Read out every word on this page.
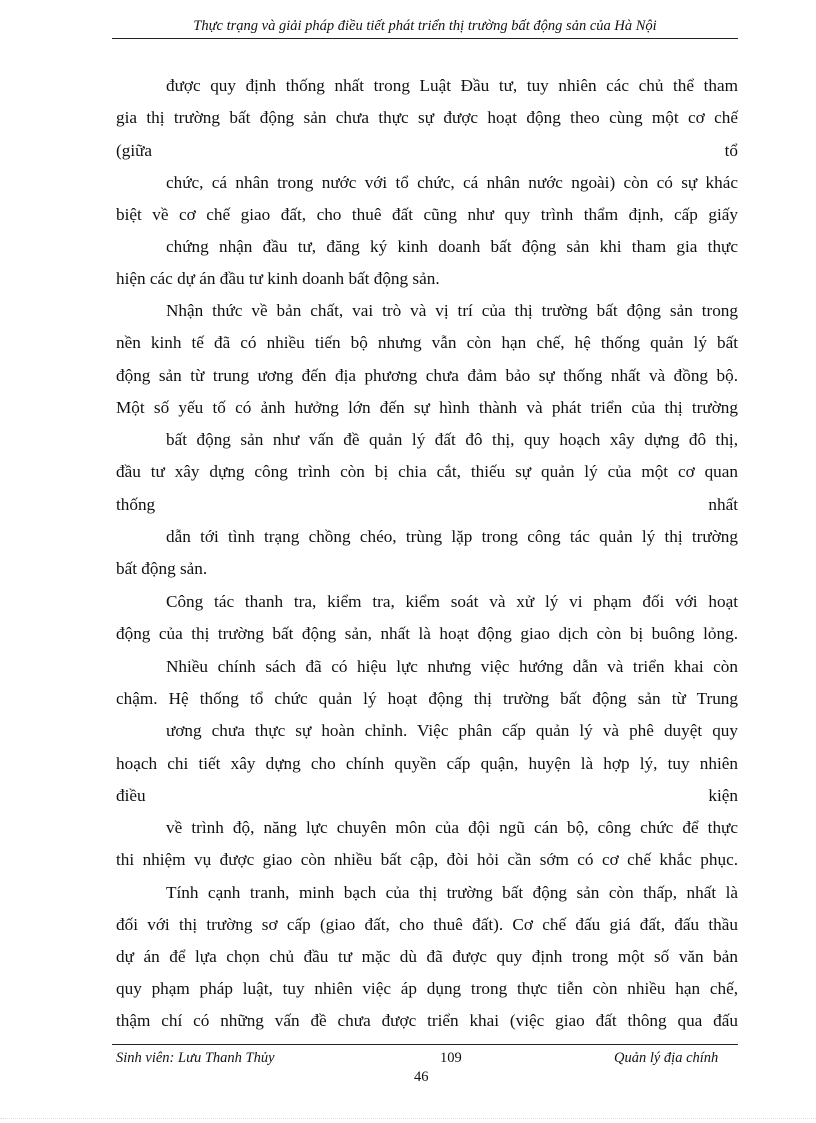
Thực trạng và giải pháp điều tiết phát triển thị trường bất động sản của Hà Nội
được quy định thống nhất trong Luật Đầu tư, tuy nhiên các chủ thể tham
gia thị trường bất động sản chưa thực sự được hoạt động theo cùng một cơ chế
(giữa	tổ
chức, cá nhân trong nước với tổ chức, cá nhân nước ngoài) còn có sự khác
biệt về cơ chế giao đất, cho thuê đất cũng như quy trình thẩm định, cấp giấy
chứng nhận đầu tư, đăng ký kinh doanh bất động sản khi tham gia thực
hiện các dự án đầu tư kinh doanh bất động sản.
Nhận thức về bản chất, vai trò và vị trí của thị trường bất động sản trong
nền kinh tế đã có nhiều tiến bộ nhưng vẫn còn hạn chế, hệ thống quản lý bất
động sản từ trung ương đến địa phương chưa đảm bảo sự thống nhất và đồng bộ.
Một số yếu tố có ảnh hưởng lớn đến sự hình thành và phát triển của thị trường
bất động sản như vấn đề quản lý đất đô thị, quy hoạch xây dựng đô thị,
đầu tư xây dựng công trình còn bị chia cắt, thiếu sự quản lý của một cơ quan
thống	nhất
dẫn tới tình trạng chồng chéo, trùng lặp trong công tác quản lý thị trường
bất động sản.
Công tác thanh tra, kiểm tra, kiểm soát và xử lý vi phạm đối với hoạt
động của thị trường bất động sản, nhất là hoạt động giao dịch còn bị buông lỏng.
Nhiều chính sách đã có hiệu lực nhưng việc hướng dẫn và triển khai còn
chậm. Hệ thống tổ chức quản lý hoạt động thị trường bất động sản từ Trung
ương chưa thực sự hoàn chỉnh. Việc phân cấp quản lý và phê duyệt quy
hoạch chi tiết xây dựng cho chính quyền cấp quận, huyện là hợp lý, tuy nhiên
điều	kiện
về trình độ, năng lực chuyên môn của đội ngũ cán bộ, công chức để thực
thi nhiệm vụ được giao còn nhiều bất cập, đòi hỏi cần sớm có cơ chế khắc phục.
Tính cạnh tranh, minh bạch của thị trường bất động sản còn thấp, nhất là
đối với thị trường sơ cấp (giao đất, cho thuê đất). Cơ chế đấu giá đất, đấu thầu
dự án để lựa chọn chủ đầu tư mặc dù đã được quy định trong một số văn bản
quy phạm pháp luật, tuy nhiên việc áp dụng trong thực tiễn còn nhiều hạn chế,
thậm chí có những vấn đề chưa được triển khai (việc giao đất thông qua đấu
Sinh viên: Lưu Thanh Thủy	109	Quản lý địa chính
46
